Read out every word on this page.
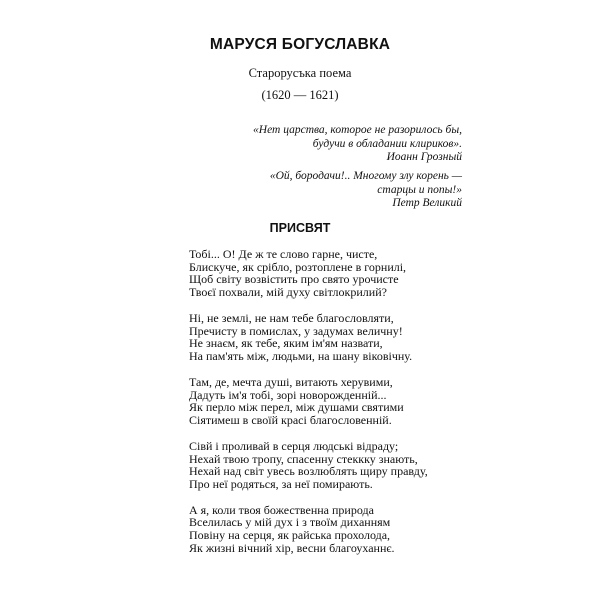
МАРУСЯ БОГУСЛАВКА
Старорусъка поема
(1620 — 1621)
«Нет царства, которое не разорилось бы,
будучи в обладании клириков».
Иоанн Грозный
«Ой, бородачи!.. Многому злу корень —
старцы и попы!»
Петр Великий
ПРИСВЯТ
Тобі... О! Де ж те слово гарне, чисте,
Блискуче, як срібло, розтоплене в горнилі,
Щоб світу возвістить про свято урочисте
Твоєї похвали, мій духу світлокрилий?
Ні, не землі, не нам тебе благословляти,
Пречисту в помислах, у задумах величну!
Не знаєм, як тебе, яким ім'ям назвати,
На пам'ять між, людьми, на шану віковічну.
Там, де, мечта душі, витають херувими,
Дадуть ім'я тобі, зорі новорожденній...
Як перло між перел, між душами святими
Сіятимеш в своїй красі благословенній.
Сівй і проливай в серця людські відраду;
Нехай твою тропу, спасенну стеккку знають,
Нехай над світ увесь возлюблять щиру правду,
Про неї родяться, за неї помирають.
А я, коли твоя божественна природа
Вселилась у мій дух і з твоїм диханням
Повіну на серця, як райська прохолода,
Як жизні вічний хір, весни благоуханнє.
